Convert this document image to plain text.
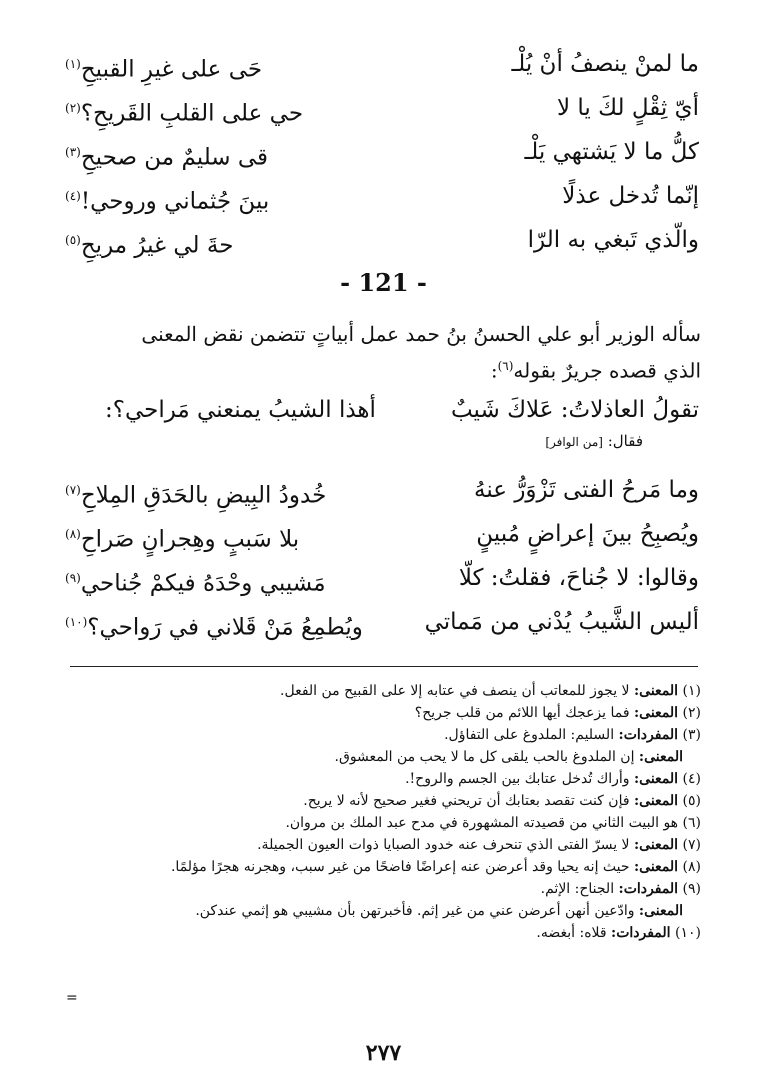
ما لمنْ ينصفُ أنْ يُلْـ
حَى على غيرِ القبيحِ$^{(١)}$
أيّ ثِقْلٍ لكَ يا لا
حي على القلبِ القَريحِ؟$^{(٢)}$
كلُّ ما لا يَشتهي يَلْـ
قى سليمٌ من صحيحِ$^{(٣)}$
إنّما تُدخل عذلًا
بينَ جُثماني وروحي!$^{(٤)}$
والّذي تَبغي به الرّا
حةَ لي غيرُ مريحِ$^{(٥)}$
- 121 -
سأله الوزير أبو علي الحسنُ بنُ حمد عمل أبياتٍ تتضمن نقض المعنى
الذي قصده جريرٌ بقوله$^{(٦)}$:
تقولُ العاذلاتُ: عَلاكَ شَيبٌ
أهذا الشيبُ يمنعني مَراحي؟:
فقال: [من الوافر]
وما مَرحُ الفتى تَزْوَرُّ عنهُ
خُدودُ البِيضِ بالحَدَقِ المِلاحِ$^{(٧)}$
ويُصبِحُ بينَ إعراضٍ مُبينٍ
بلا سَببٍ وهِجرانٍ صَراحِ$^{(٨)}$
وقالوا: لا جُناحَ، فقلتُ: كلّا
مَشيبي وحْدَهُ فيكمْ جُناحي$^{(٩)}$
أليس الشَّيبُ يُدْني من مَماتي
ويُطمِعُ مَنْ قَلاني في رَواحي؟$^{(١٠)}$
(١) المعنى: لا يجوز للمعاتب أن ينصف في عتابه إلا على القبيح من الفعل.
(٢) المعنى: فما يزعجك أيها اللائم من قلب جريح؟
(٣) المفردات: السليم: الملدوغ على التفاؤل.
المعنى: إن الملدوغ بالحب يلقى كل ما لا يحب من المعشوق.
(٤) المعنى: وأراك تُدخل عتابك بين الجسم والروح!.
(٥) المعنى: فإن كنت تقصد بعتابك أن تريحني فغير صحيح لأنه لا يريح.
(٦) هو البيت الثاني من قصيدته المشهورة في مدح عبد الملك بن مروان.
(٧) المعنى: لا يسرّ الفتى الذي تنحرف عنه خدود الصبايا ذوات العيون الجميلة.
(٨) المعنى: حيث إنه يحيا وقد أعرضن عنه إعراضًا فاضحًا من غير سبب، وهجرنه هجرًا مؤلمًا.
(٩) المفردات: الجناح: الإثم.
المعنى: وادّعين أنهن أعرضن عني من غير إثم. فأخبرتهن بأن مشيبي هو إثمي عندكن.
(١٠) المفردات: قلاه: أبغضه.
=
٢٧٧
